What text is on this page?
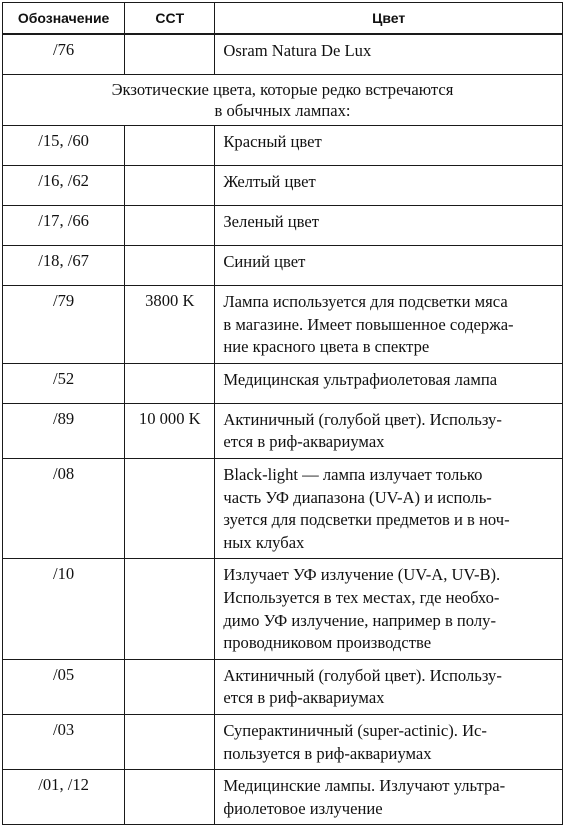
Обозначение	CCT	Цвет
/76		Osram Natura De Lux

Экзотические цвета, которые редко встречаются
в обычных лампах:		

/15, /60		Красный цвет

/16, /62		Желтый цвет

/17, /66		Зеленый цвет

/18, /67		Синий цвет

/79	3800 K	Лампа используется для подсветки мяса
в магазине. Имеет повышенное содержа-
ние красного цвета в спектре

/52		Медицинская ультрафиолетовая лампа

/89	10 000 K	Актиничный (голубой цвет). Использу-
ется в риф-аквариумах

/08		Black-light — лампа излучает только
часть УФ диапазона (UV-A) и исполь-
зуется для подсветки предметов и в ноч-
ных клубах

/10		Излучает УФ излучение (UV-A, UV-B).
Используется в тех местах, где необхо-
димо УФ излучение, например в полу-
проводниковом производстве

/05		Актиничный (голубой цвет). Использу-
ется в риф-аквариумах

/03		Суперактиничный (super-actinic). Ис-
пользуется в риф-аквариумах

/01, /12		Медицинские лампы. Излучают ультра-
фиолетовое излучение
